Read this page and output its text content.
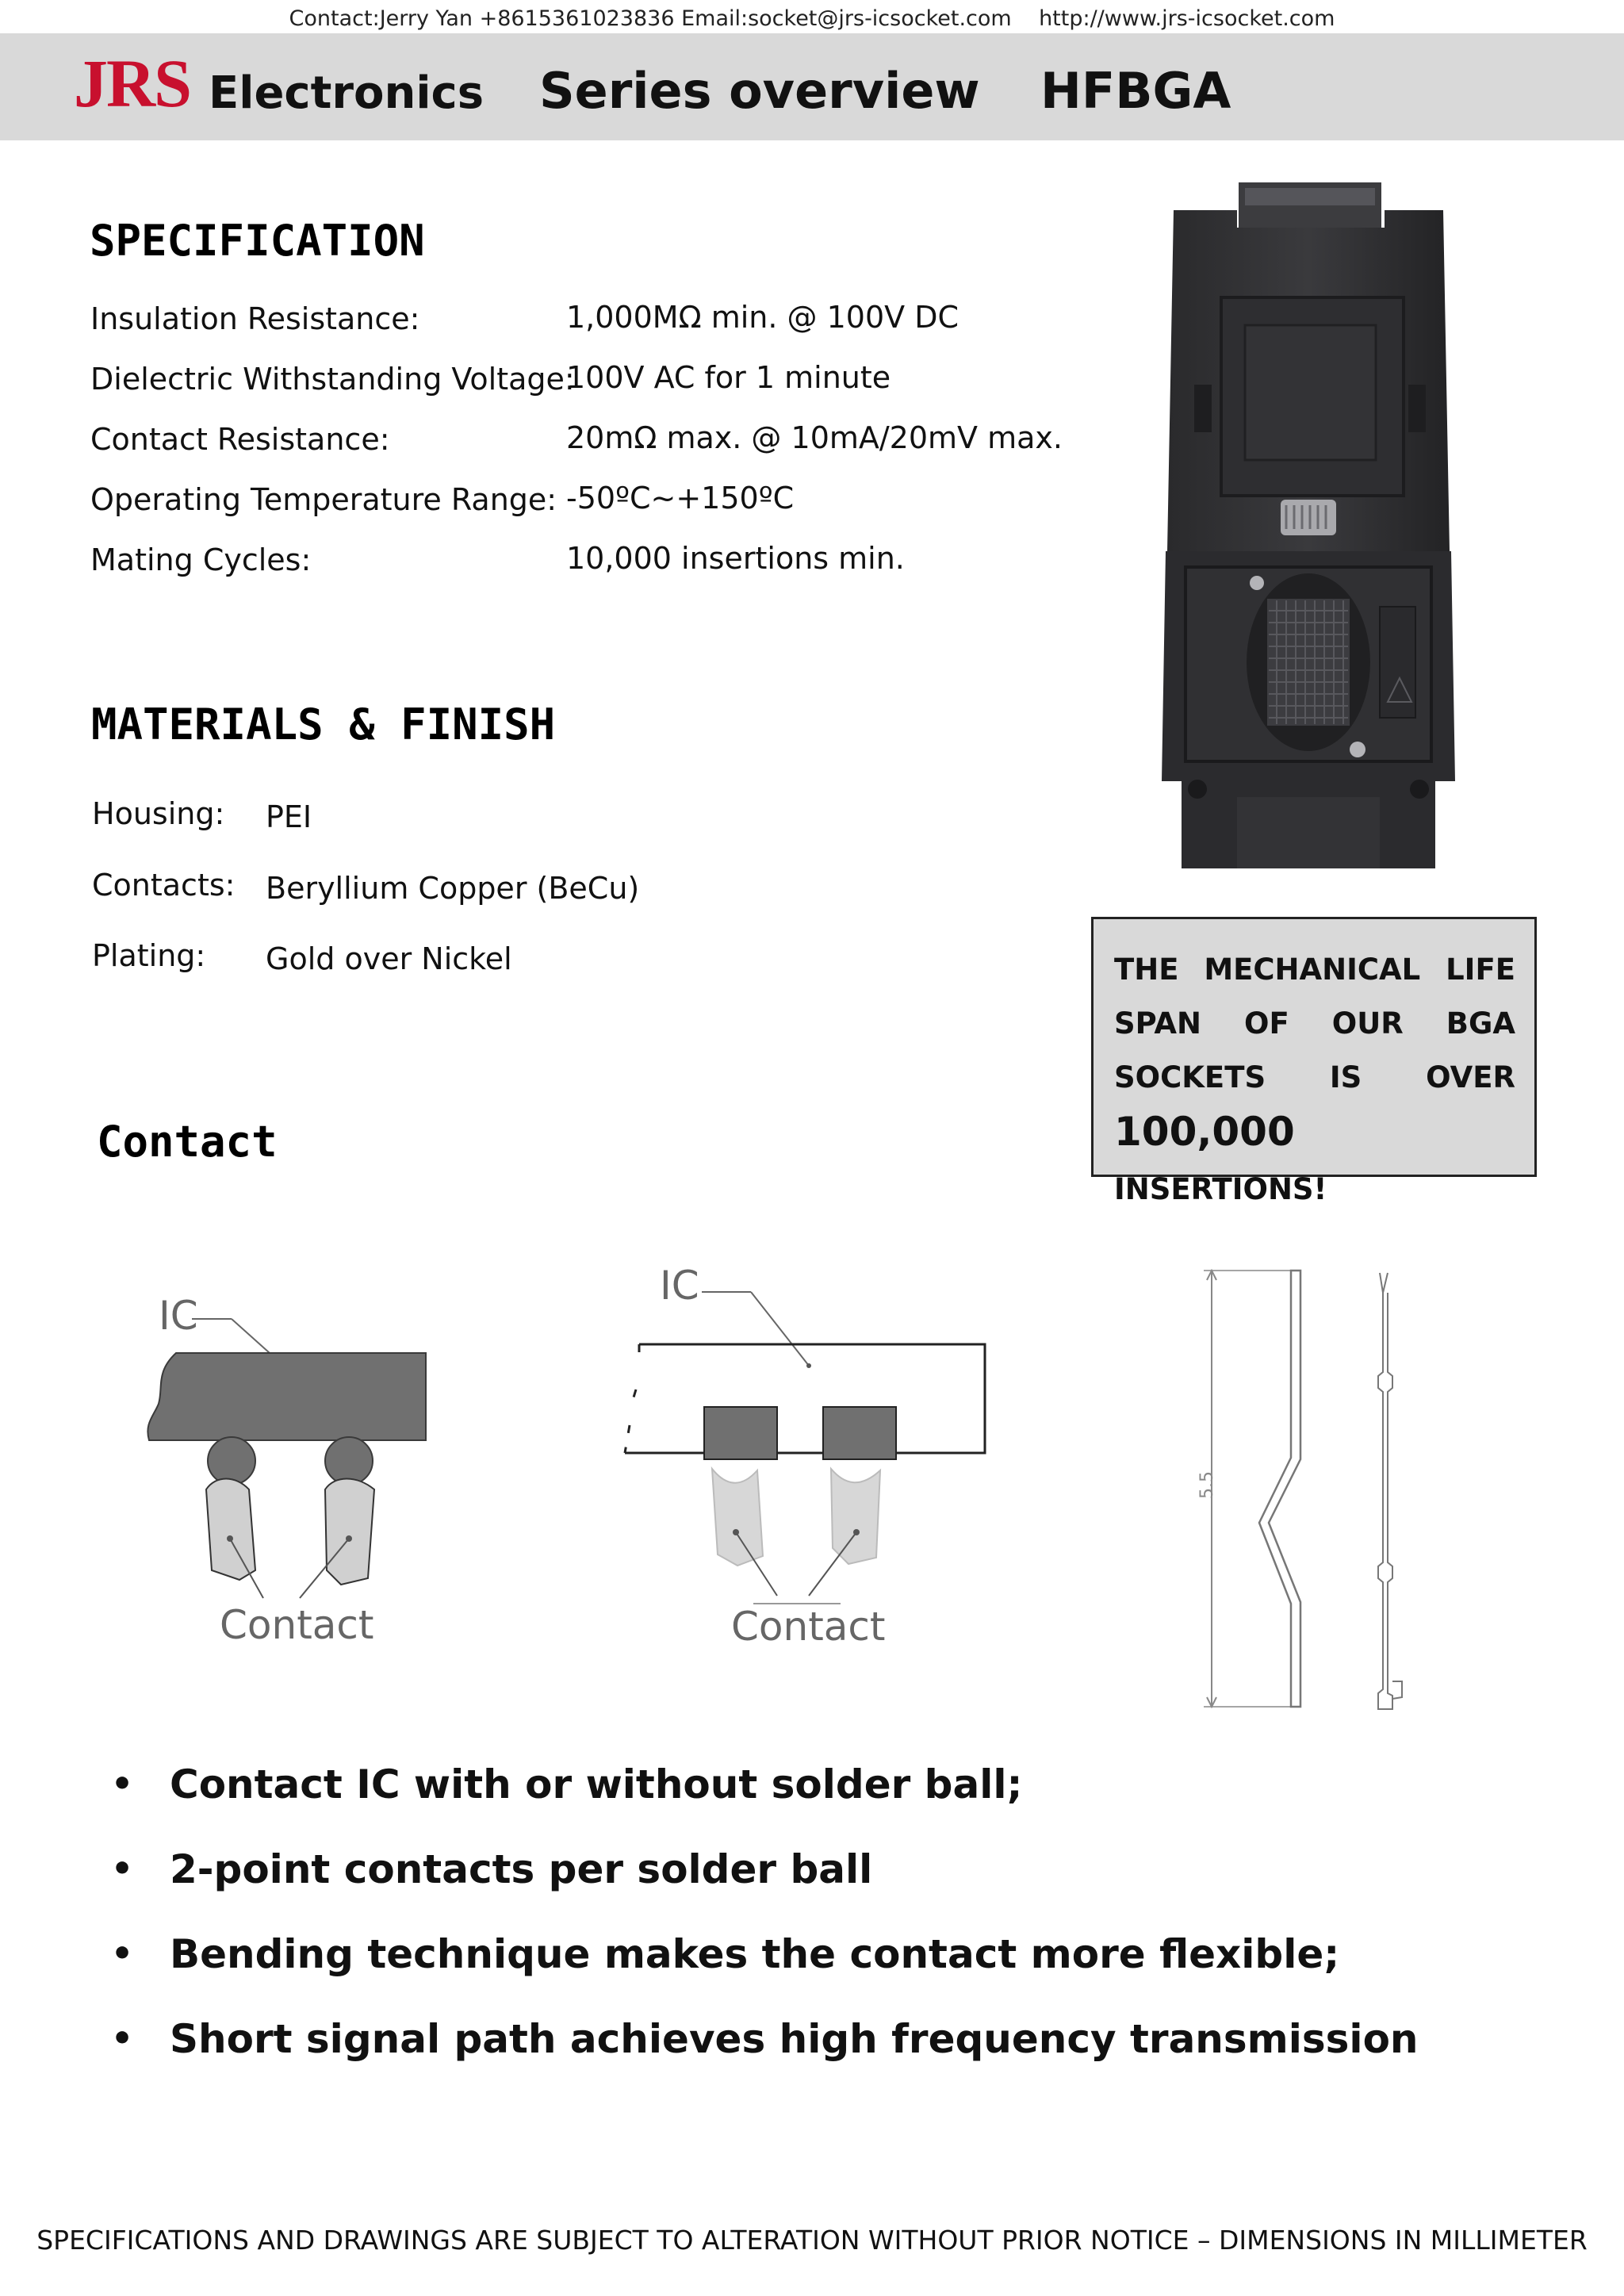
Contact:Jerry Yan +8615361023836 Email:socket@jrs-icsocket.com http://www.jrs-icsocket.com
JRS Electronics Series overview HFBGA
SPECIFICATION
Insulation Resistance:	1,000MΩ min. @ 100V DC
Dielectric Withstanding Voltage:
100V AC for 1 minute
Contact Resistance:	20mΩ max. @ 10mA/20mV max.
Operating Temperature Range: -50ºC~+150ºC
Mating Cycles:	10,000 insertions min.
MATERIALS & FINISH
Housing: PEI
Contacts: Beryllium Copper (BeCu)
Plating: Gold over Nickel	THE MECHANICAL LIFE
SPAN OF OUR BGA
SOCKETS IS OVER
100,000 INSERTIONS!
Contact
IC
Contact
IC
Contact
5.5
• Contact IC with or without solder ball;
• 2-point contacts per solder ball
• Bending technique makes the contact more flexible;
• Short signal path achieves high frequency transmission
SPECIFICATIONS AND DRAWINGS ARE SUBJECT TO ALTERATION WITHOUT PRIOR NOTICE – DIMENSIONS IN MILLIMETER
